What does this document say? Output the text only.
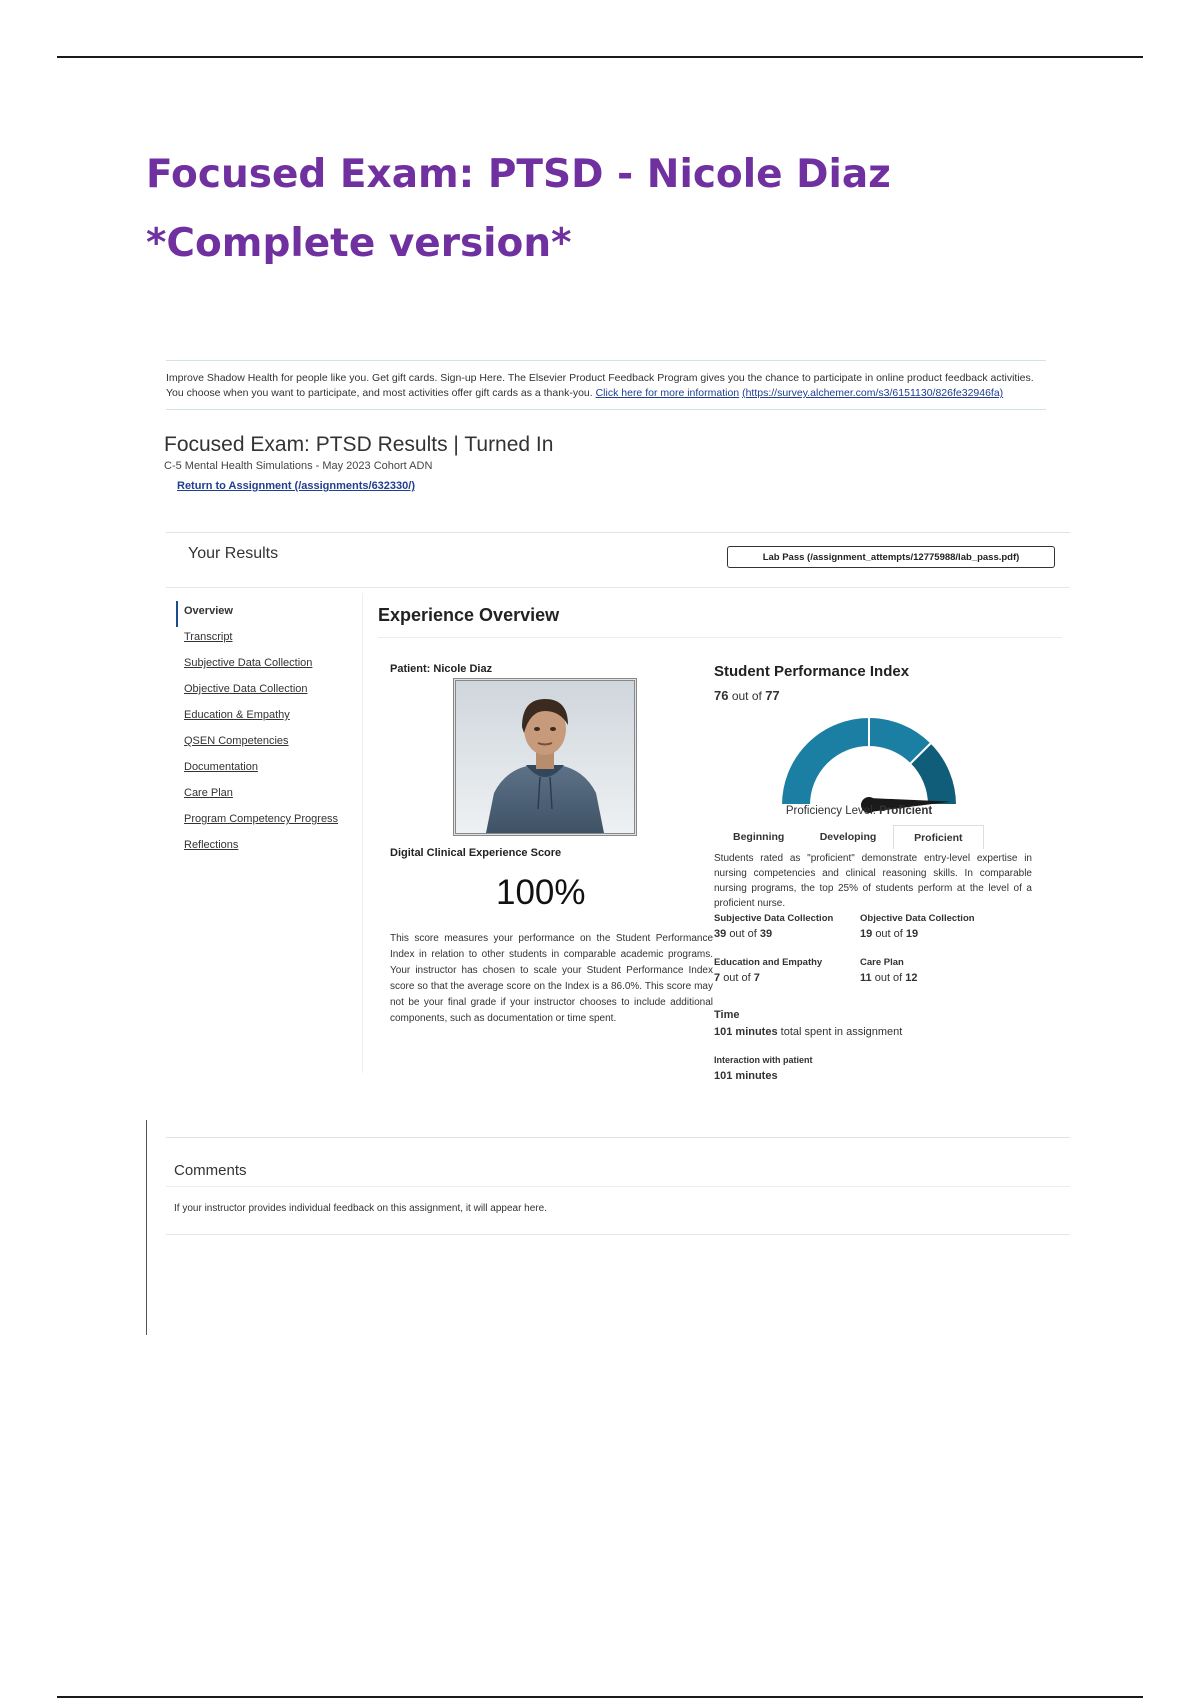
Focused Exam: PTSD - Nicole Diaz *Complete version*
Improve Shadow Health for people like you. Get gift cards. Sign-up Here. The Elsevier Product Feedback Program gives you the chance to participate in online product feedback activities. You choose when you want to participate, and most activities offer gift cards as a thank-you. Click here for more information (https://survey.alchemer.com/s3/6151130/826fe32946fa)
Focused Exam: PTSD Results | Turned In
C-5 Mental Health Simulations - May 2023 Cohort ADN
Return to Assignment (/assignments/632330/)
Your Results	Lab Pass (/assignment_attempts/12775988/lab_pass.pdf)
Overview
Transcript
Subjective Data Collection
Objective Data Collection
Education & Empathy
QSEN Competencies
Documentation
Care Plan
Program Competency Progress
Reflections
Experience Overview
Patient: Nicole Diaz
Digital Clinical Experience Score
100%
This score measures your performance on the Student Performance Index in relation to other students in comparable academic programs. Your instructor has chosen to scale your Student Performance Index score so that the average score on the Index is a 86.0%. This score may not be your final grade if your instructor chooses to include additional components, such as documentation or time spent.
Student Performance Index
76 out of 77
Proficiency Level: Proficient
Beginning	Developing	Proficient
Students rated as "proficient" demonstrate entry-level expertise in nursing competencies and clinical reasoning skills. In comparable nursing programs, the top 25% of students perform at the level of a proficient nurse.
Subjective Data Collection
39 out of 39
Objective Data Collection
19 out of 19
Education and Empathy
7 out of 7
Care Plan
11 out of 12
Time
101 minutes total spent in assignment
Interaction with patient
101 minutes
Comments
If your instructor provides individual feedback on this assignment, it will appear here.
